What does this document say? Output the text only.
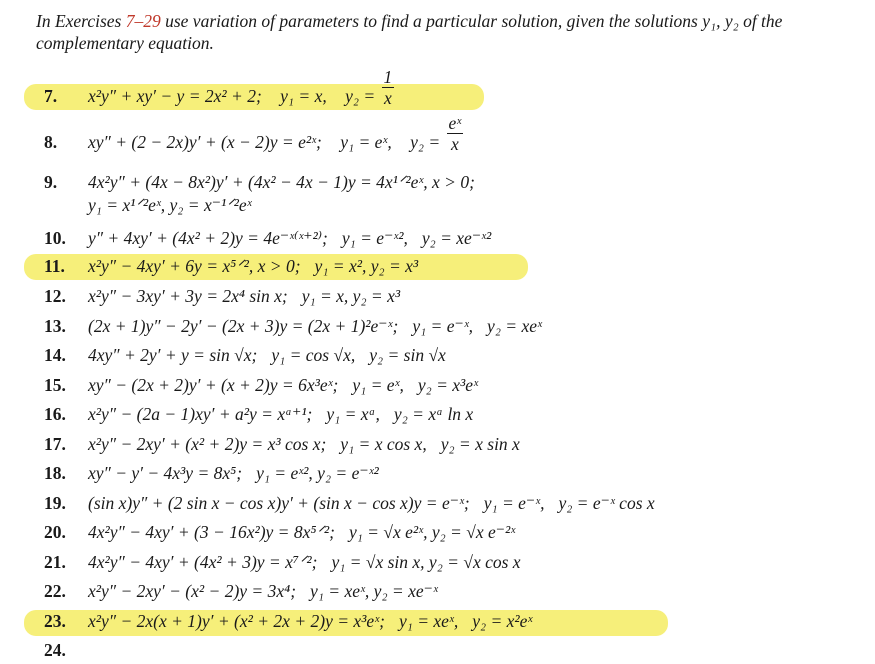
In Exercises 7–29 use variation of parameters to find a particular solution, given the solutions y₁, y₂ of the complementary equation.
7.	x²y″ + xy′ − y = 2x² + 2; y₁ = x, $y_2 = \frac{1}{x}$
8.	xy″ + (2 − 2x)y′ + (x − 2)y = e²ˣ; y₁ = eˣ, $y_2 = \frac{\text{eˣ}}{x}$
9.	4x²y″ + (4x − 8x²)y′ + (4x² − 4x − 1)y = 4x¹ᐟ²eˣ, x > 0;
y₁ = x¹ᐟ²eˣ, y₂ = x⁻¹ᐟ²eˣ
10.	y″ + 4xy′ + (4x² + 2)y = 4e⁻ˣ⁽ˣ⁺²⁾; y₁ = e⁻ˣ², y₂ = xe⁻ˣ²
11.	x²y″ − 4xy′ + 6y = x⁵ᐟ², x > 0; y₁ = x², y₂ = x³
12.	x²y″ − 3xy′ + 3y = 2x⁴ sin x; y₁ = x, y₂ = x³
13.	(2x + 1)y″ − 2y′ − (2x + 3)y = (2x + 1)²e⁻ˣ; y₁ = e⁻ˣ, y₂ = xeˣ
14.	4xy″ + 2y′ + y = sin √x; y₁ = cos √x, y₂ = sin √x
15.	xy″ − (2x + 2)y′ + (x + 2)y = 6x³eˣ; y₁ = eˣ, y₂ = x³eˣ
16.	x²y″ − (2a − 1)xy′ + a²y = xᵃ⁺¹; y₁ = xᵃ, y₂ = xᵃ ln x
17.	x²y″ − 2xy′ + (x² + 2)y = x³ cos x; y₁ = x cos x, y₂ = x sin x
18.	xy″ − y′ − 4x³y = 8x⁵; y₁ = eˣ², y₂ = e⁻ˣ²
19.	(sin x)y″ + (2 sin x − cos x)y′ + (sin x − cos x)y = e⁻ˣ; y₁ = e⁻ˣ, y₂ = e⁻ˣ cos x
20.	4x²y″ − 4xy′ + (3 − 16x²)y = 8x⁵ᐟ²; y₁ = √x e²ˣ, y₂ = √x e⁻²ˣ
21.	4x²y″ − 4xy′ + (4x² + 3)y = x⁷ᐟ²; y₁ = √x sin x, y₂ = √x cos x
22.	x²y″ − 2xy′ − (x² − 2)y = 3x⁴; y₁ = xeˣ, y₂ = xe⁻ˣ
23.	x²y″ − 2x(x + 1)y′ + (x² + 2x + 2)y = x³eˣ; y₁ = xeˣ, y₂ = x²eˣ
24.
